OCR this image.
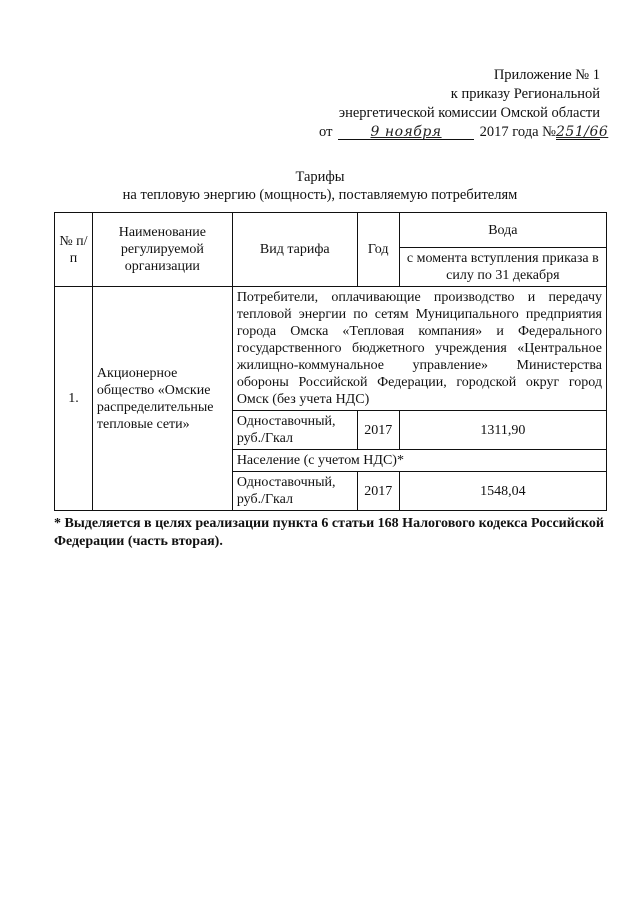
Приложение № 1
к приказу Региональной
энергетической комиссии Омской области
от	9 ноября	2017 года №251/66
Тарифы
на тепловую энергию (мощность), поставляемую потребителям
№ п/п	Наименование регулируемой организации	Вид тарифа	Год	Вода
				с момента вступления приказа в силу по 31 декабря
1.	Акционерное общество «Омские распределительные тепловые сети»	Потребители, оплачивающие производство и передачу тепловой энергии по сетям Муниципального предприятия города Омска «Тепловая компания» и Федерального государственного бюджетного учреждения «Центральное жилищно-коммунальное управление» Министерства обороны Российской Федерации, городской округ город Омск (без учета НДС)		
		Одноставочный, руб./Гкал	2017	1311,90
		Население (с учетом НДС)*		
		Одноставочный, руб./Гкал	2017	1548,04
* Выделяется в целях реализации пункта 6 статьи 168 Налогового кодекса Российской Федерации (часть вторая).
